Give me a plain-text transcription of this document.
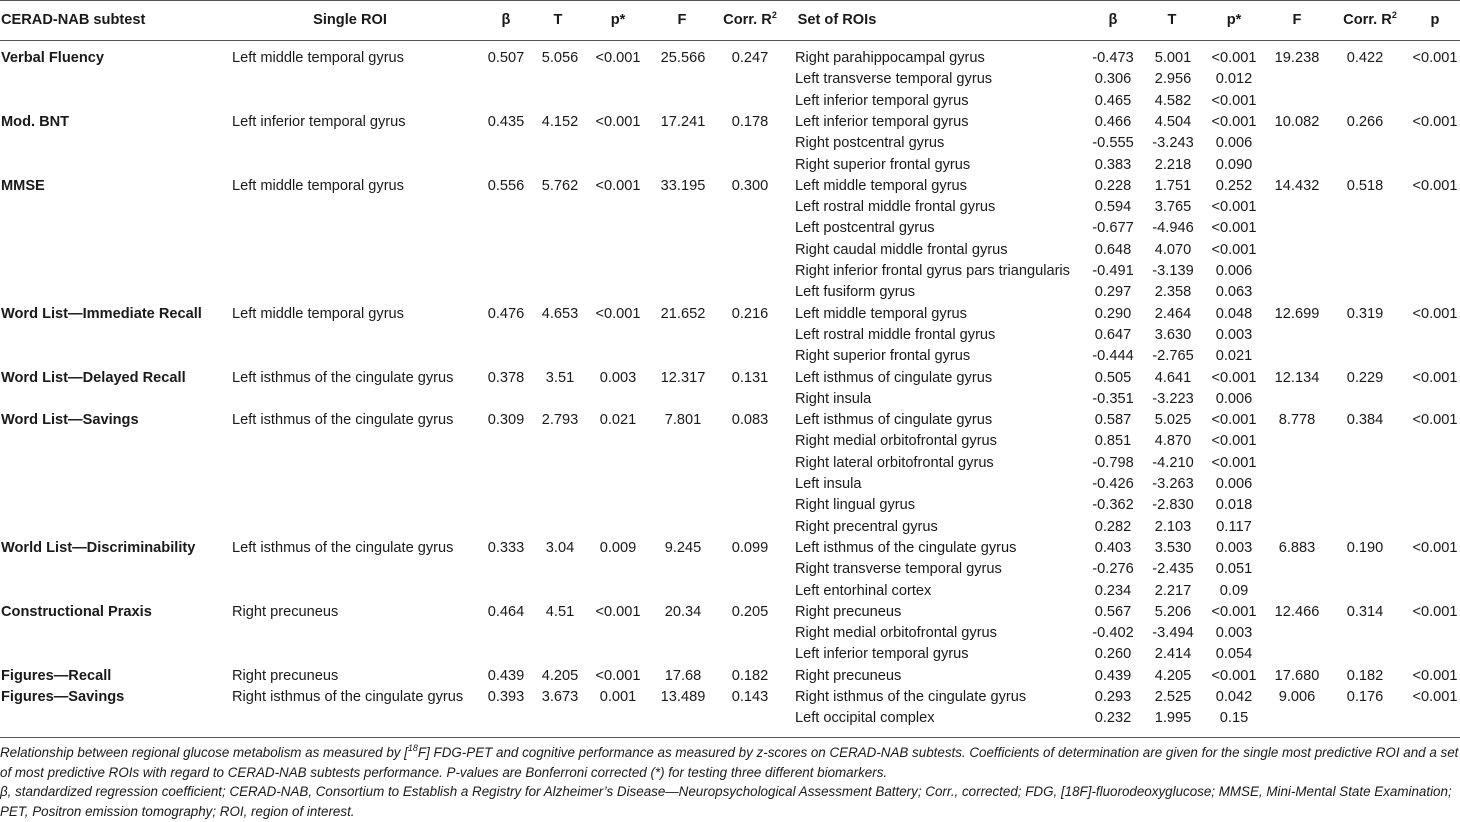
CERAD-NAB subtest	Single ROI	β	T	p*	F	Corr. $R^2$ Set of ROIs	β	T	p*	F	Corr. $R^2$ p
Verbal Fluency	Left middle temporal gyrus	0.507 5.056 <0.001 25.566 0.247 Right parahippocampal gyrus	-0.473 5.001 <0.001 19.238 0.422 <0.001
Left transverse temporal gyrus	0.306 2.956 0.012
Left inferior temporal gyrus	0.465 4.582 <0.001
Mod. BNT	Left inferior temporal gyrus	0.435 4.152 <0.001 17.241 0.178 Left inferior temporal gyrus	0.466 4.504 <0.001 10.082 0.266 <0.001
Right postcentral gyrus	-0.555 -3.243 0.006
Right superior frontal gyrus	0.383 2.218 0.090
MMSE	Left middle temporal gyrus	0.556 5.762 <0.001 33.195 0.300 Left middle temporal gyrus	0.228 1.751 0.252 14.432 0.518 <0.001
Left rostral middle frontal gyrus	0.594 3.765 <0.001
Left postcentral gyrus	-0.677 -4.946 <0.001
Right caudal middle frontal gyrus	0.648 4.070 <0.001
Right inferior frontal gyrus pars triangularis -0.491 -3.139 0.006
Left fusiform gyrus	0.297 2.358 0.063
Word List—Immediate Recall Left middle temporal gyrus	0.476 4.653 <0.001 21.652 0.216 Left middle temporal gyrus	0.290 2.464 0.048 12.699 0.319 <0.001
Left rostral middle frontal gyrus	0.647 3.630 0.003
Right superior frontal gyrus	-0.444 -2.765 0.021
Word List—Delayed Recall	Left isthmus of the cingulate gyrus 0.378 3.51 0.003 12.317 0.131 Left isthmus of cingulate gyrus	0.505 4.641 <0.001 12.134 0.229 <0.001
Right insula	-0.351 -3.223 0.006
Word List—Savings	Left isthmus of the cingulate gyrus 0.309 2.793 0.021 7.801 0.083 Left isthmus of cingulate gyrus	0.587 5.025 <0.001 8.778 0.384 <0.001
Right medial orbitofrontal gyrus	0.851 4.870 <0.001
Right lateral orbitofrontal gyrus	-0.798 -4.210 <0.001
Left insula	-0.426 -3.263 0.006
Right lingual gyrus	-0.362 -2.830 0.018
Right precentral gyrus	0.282 2.103 0.117
World List—Discriminability	Left isthmus of the cingulate gyrus 0.333 3.04 0.009 9.245 0.099 Left isthmus of the cingulate gyrus	0.403 3.530 0.003 6.883 0.190 <0.001
Right transverse temporal gyrus	-0.276 -2.435 0.051
Left entorhinal cortex	0.234 2.217 0.09
Constructional Praxis	Right precuneus	0.464 4.51 <0.001 20.34 0.205 Right precuneus	0.567 5.206 <0.001 12.466 0.314 <0.001
Right medial orbitofrontal gyrus	-0.402 -3.494 0.003
Left inferior temporal gyrus	0.260 2.414 0.054
Figures—Recall	Right precuneus	0.439 4.205 <0.001 17.68 0.182 Right precuneus	0.439 4.205 <0.001 17.680 0.182 <0.001
Figures—Savings	Right isthmus of the cingulate gyrus 0.393 3.673 0.001 13.489 0.143 Right isthmus of the cingulate gyrus	0.293 2.525 0.042 9.006 0.176 <0.001
Left occipital complex	0.232 1.995 0.15

Relationship between regional glucose metabolism as measured by [$^{18}$F] FDG-PET and cognitive performance as measured by z-scores on CERAD-NAB subtests. Coefficients of determination are given for the single most predictive ROI and a set of most predictive ROIs with regard to CERAD-NAB subtests performance. P-values are Bonferroni corrected (*) for testing three different biomarkers.

β, standardized regression coefficient; CERAD-NAB, Consortium to Establish a Registry for Alzheimer’s Disease—Neuropsychological Assessment Battery; Corr., corrected; FDG, [18F]-fluorodeoxyglucose; MMSE, Mini-Mental State Examination; PET, Positron emission tomography; ROI, region of interest.
